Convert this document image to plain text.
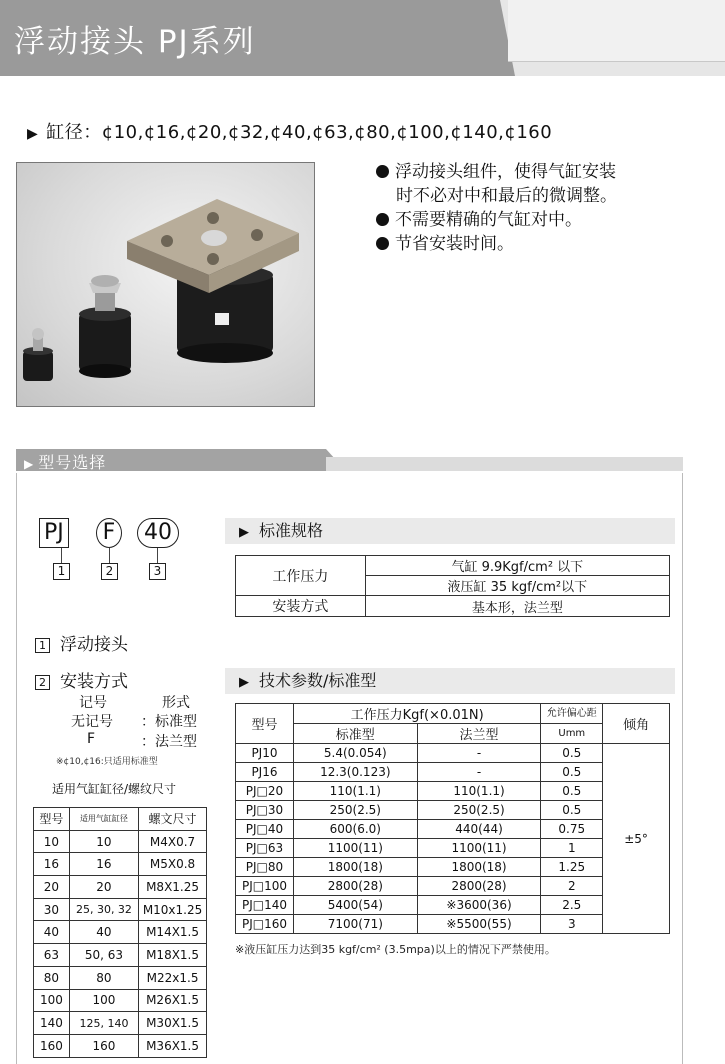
浮动接头 PJ系列
▶ 缸径：¢10,¢16,¢20,¢32,¢40,¢63,¢80,¢100,¢140,¢160
浮动接头组件，使得气缸安装
时不必对中和最后的微调整。
不需要精确的气缸对中。
节省安装时间。
▶ 型号选择
PJ	F	40
1	2	3
1 浮动接头
2 安装方式
记号	形式
无记号 ：标准型
F	：法兰型
※¢10,¢16:只适用标准型
适用气缸缸径/螺纹尺寸
型号	适用气缸缸径	螺文尺寸
10	10	M4X0.7
16	16	M5X0.8
20	20	M8X1.25
30	25, 30, 32	M10x1.25
40	40	M14X1.5
63	50, 63	M18X1.5
80	80	M22x1.5
100	100	M26X1.5
140	125, 140	M30X1.5
160	160	M36X1.5
▶ 标准规格
工作压力	气缸 9.9Kgf/cm² 以下
	液压缸 35 kgf/cm²以下
安装方式	基本形，法兰型
▶ 技术参数/标准型
型号	工作压力Kgf(×0.01N)		允许偏心距	倾角
	标准型	法兰型	Umm	
PJ10	5.4(0.054)	-	0.5	±5°
PJ16	12.3(0.123)	-	0.5	
PJ□20	110(1.1)	110(1.1)	0.5	
PJ□30	250(2.5)	250(2.5)	0.5	
PJ□40	600(6.0)	440(44)	0.75	
PJ□63	1100(11)	1100(11)	1	
PJ□80	1800(18)	1800(18)	1.25	
PJ□100	2800(28)	2800(28)	2	
PJ□140	5400(54)	※3600(36)	2.5	
PJ□160	7100(71)	※5500(55)	3	
※液压缸压力达到35 kgf/cm² (3.5mpa)以上的情况下严禁使用。
